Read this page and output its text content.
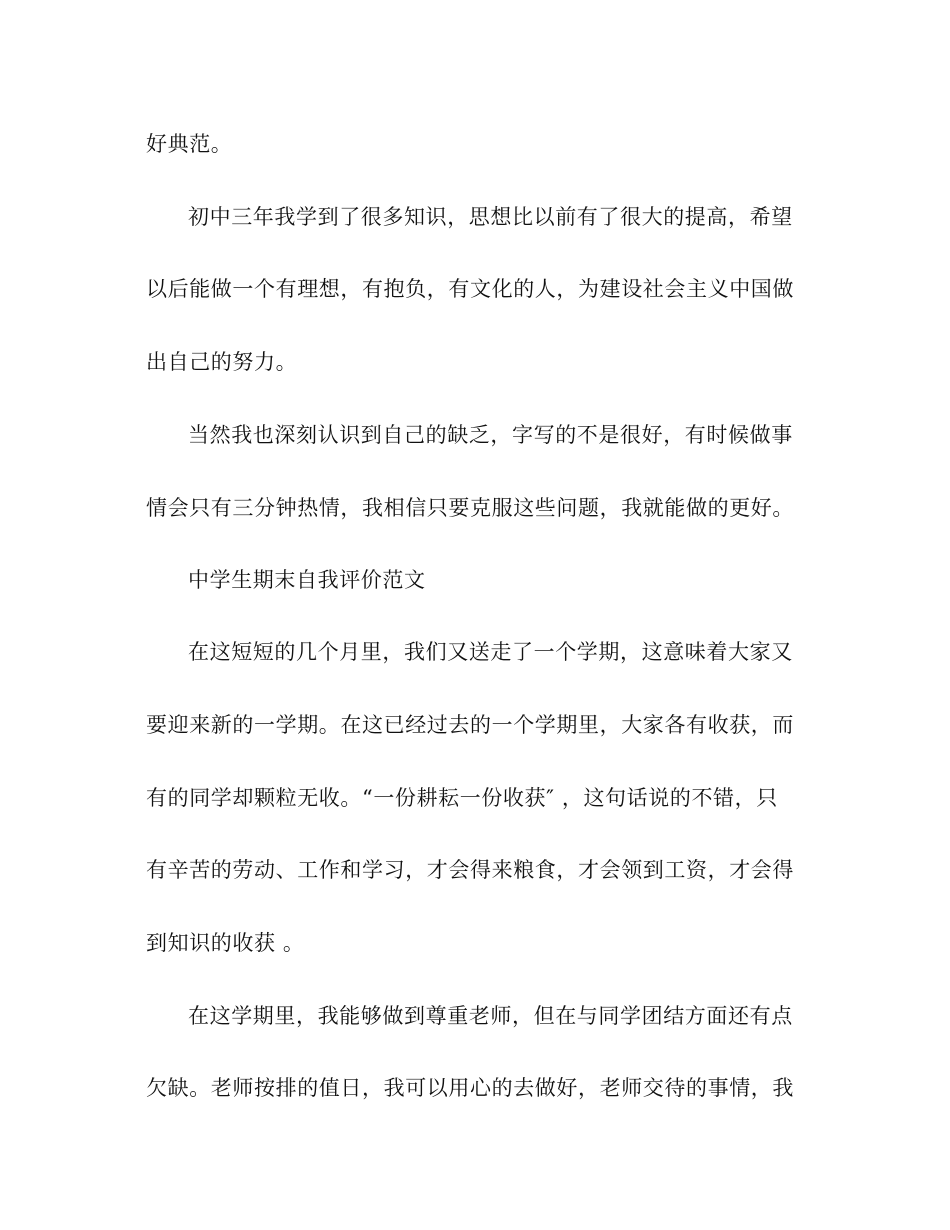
好典范。
初中三年我学到了很多知识，思想比以前有了很大的提高，希望
以后能做一个有理想，有抱负，有文化的人，为建设社会主义中国做
出自己的努力。
当然我也深刻认识到自己的缺乏，字写的不是很好，有时候做事
情会只有三分钟热情，我相信只要克服这些问题，我就能做的更好。
中学生期末自我评价范文
在这短短的几个月里，我们又送走了一个学期，这意味着大家又
要迎来新的一学期。在这已经过去的一个学期里，大家各有收获，而
有的同学却颗粒无收。“一份耕耘一份收获″ ，这句话说的不错，只
有辛苦的劳动、工作和学习，才会得来粮食，才会领到工资，才会得
到知识的收获 。
在这学期里，我能够做到尊重老师，但在与同学团结方面还有点
欠缺。老师按排的值日，我可以用心的去做好，老师交待的事情，我
